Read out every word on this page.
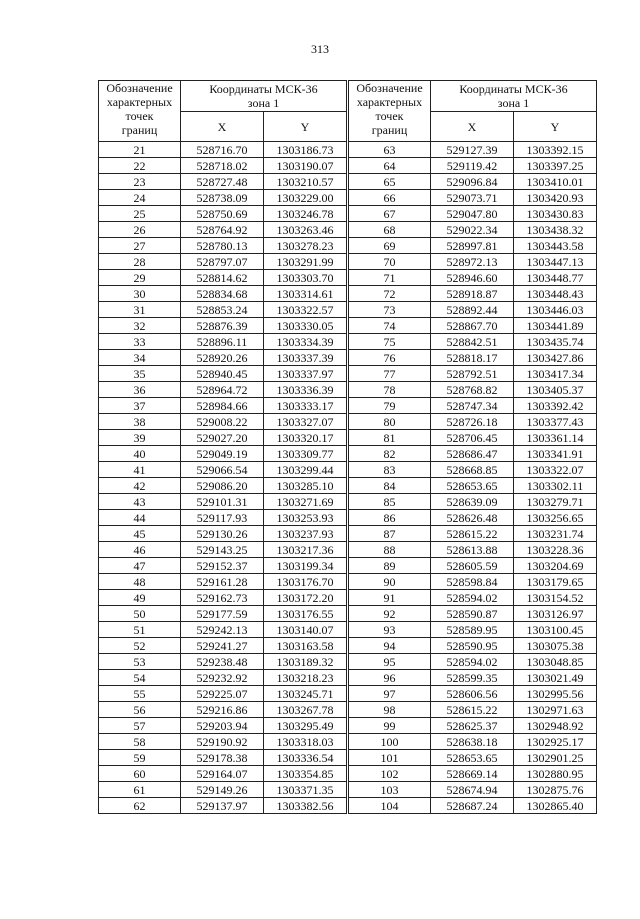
313
Обозначение
характерных
точек
границ	Координаты МСК-36
зона 1	

	X	Y
21	528716.70	1303186.73
22	528718.02	1303190.07
23	528727.48	1303210.57
24	528738.09	1303229.00
25	528750.69	1303246.78
26	528764.92	1303263.46
27	528780.13	1303278.23
28	528797.07	1303291.99
29	528814.62	1303303.70
30	528834.68	1303314.61
31	528853.24	1303322.57
32	528876.39	1303330.05
33	528896.11	1303334.39
34	528920.26	1303337.39
35	528940.45	1303337.97
36	528964.72	1303336.39
37	528984.66	1303333.17
38	529008.22	1303327.07
39	529027.20	1303320.17
40	529049.19	1303309.77
41	529066.54	1303299.44
42	529086.20	1303285.10
43	529101.31	1303271.69
44	529117.93	1303253.93
45	529130.26	1303237.93
46	529143.25	1303217.36
47	529152.37	1303199.34
48	529161.28	1303176.70
49	529162.73	1303172.20
50	529177.59	1303176.55
51	529242.13	1303140.07
52	529241.27	1303163.58
53	529238.48	1303189.32
54	529232.92	1303218.23
55	529225.07	1303245.71
56	529216.86	1303267.78
57	529203.94	1303295.49
58	529190.92	1303318.03
59	529178.38	1303336.54
60	529164.07	1303354.85
61	529149.26	1303371.35
62	529137.97	1303382.56
Обозначение
характерных
точек
границ	Координаты МСК-36
зона 1	

	X	Y
63	529127.39	1303392.15
64	529119.42	1303397.25
65	529096.84	1303410.01
66	529073.71	1303420.93
67	529047.80	1303430.83
68	529022.34	1303438.32
69	528997.81	1303443.58
70	528972.13	1303447.13
71	528946.60	1303448.77
72	528918.87	1303448.43
73	528892.44	1303446.03
74	528867.70	1303441.89
75	528842.51	1303435.74
76	528818.17	1303427.86
77	528792.51	1303417.34
78	528768.82	1303405.37
79	528747.34	1303392.42
80	528726.18	1303377.43
81	528706.45	1303361.14
82	528686.47	1303341.91
83	528668.85	1303322.07
84	528653.65	1303302.11
85	528639.09	1303279.71
86	528626.48	1303256.65
87	528615.22	1303231.74
88	528613.88	1303228.36
89	528605.59	1303204.69
90	528598.84	1303179.65
91	528594.02	1303154.52
92	528590.87	1303126.97
93	528589.95	1303100.45
94	528590.95	1303075.38
95	528594.02	1303048.85
96	528599.35	1303021.49
97	528606.56	1302995.56
98	528615.22	1302971.63
99	528625.37	1302948.92
100	528638.18	1302925.17
101	528653.65	1302901.25
102	528669.14	1302880.95
103	528674.94	1302875.76
104	528687.24	1302865.40
